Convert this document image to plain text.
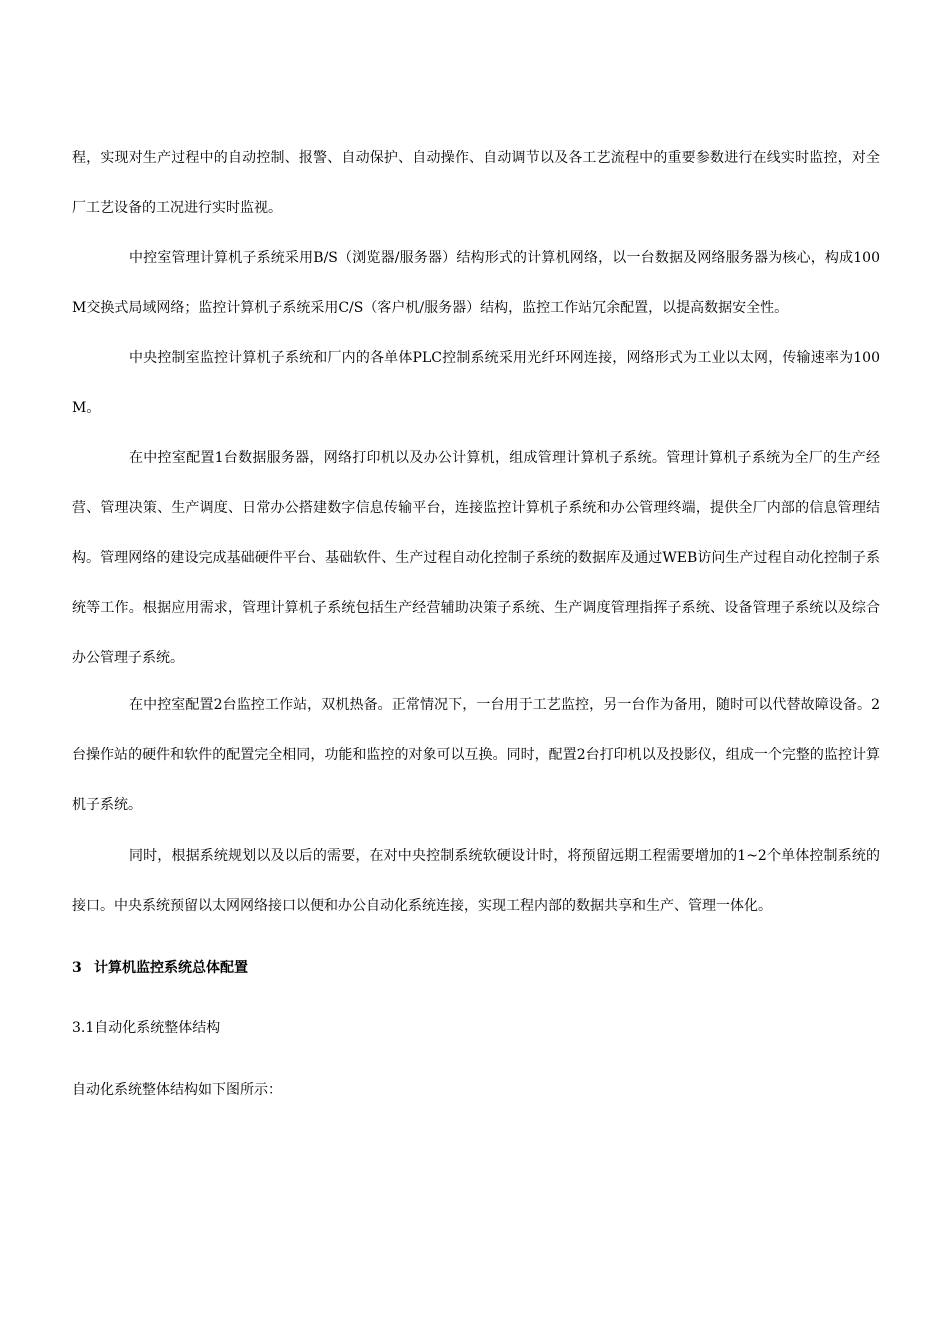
程，实现对生产过程中的自动控制、报警、自动保护、自动操作、自动调节以及各工艺流程中的重要参数进行在线实时监控，对全厂工艺设备的工况进行实时监视。

中控室管理计算机子系统采用B/S（浏览器/服务器）结构形式的计算机网络，以一台数据及网络服务器为核心，构成100M交换式局域网络；监控计算机子系统采用C/S（客户机/服务器）结构，监控工作站冗余配置，以提高数据安全性。

中央控制室监控计算机子系统和厂内的各单体PLC控制系统采用光纤环网连接，网络形式为工业以太网，传输速率为100M。

在中控室配置1台数据服务器，网络打印机以及办公计算机，组成管理计算机子系统。管理计算机子系统为全厂的生产经营、管理决策、生产调度、日常办公搭建数字信息传输平台，连接监控计算机子系统和办公管理终端，提供全厂内部的信息管理结构。管理网络的建设完成基础硬件平台、基础软件、生产过程自动化控制子系统的数据库及通过WEB访问生产过程自动化控制子系统等工作。根据应用需求，管理计算机子系统包括生产经营辅助决策子系统、生产调度管理指挥子系统、设备管理子系统以及综合办公管理子系统。

在中控室配置2台监控工作站，双机热备。正常情况下，一台用于工艺监控，另一台作为备用，随时可以代替故障设备。2台操作站的硬件和软件的配置完全相同，功能和监控的对象可以互换。同时，配置2台打印机以及投影仪，组成一个完整的监控计算机子系统。

同时，根据系统规划以及以后的需要，在对中央控制系统软硬设计时，将预留远期工程需要增加的1~2个单体控制系统的接口。中央系统预留以太网网络接口以便和办公自动化系统连接，实现工程内部的数据共享和生产、管理一体化。

3 计算机监控系统总体配置

3.1自动化系统整体结构

自动化系统整体结构如下图所示：
